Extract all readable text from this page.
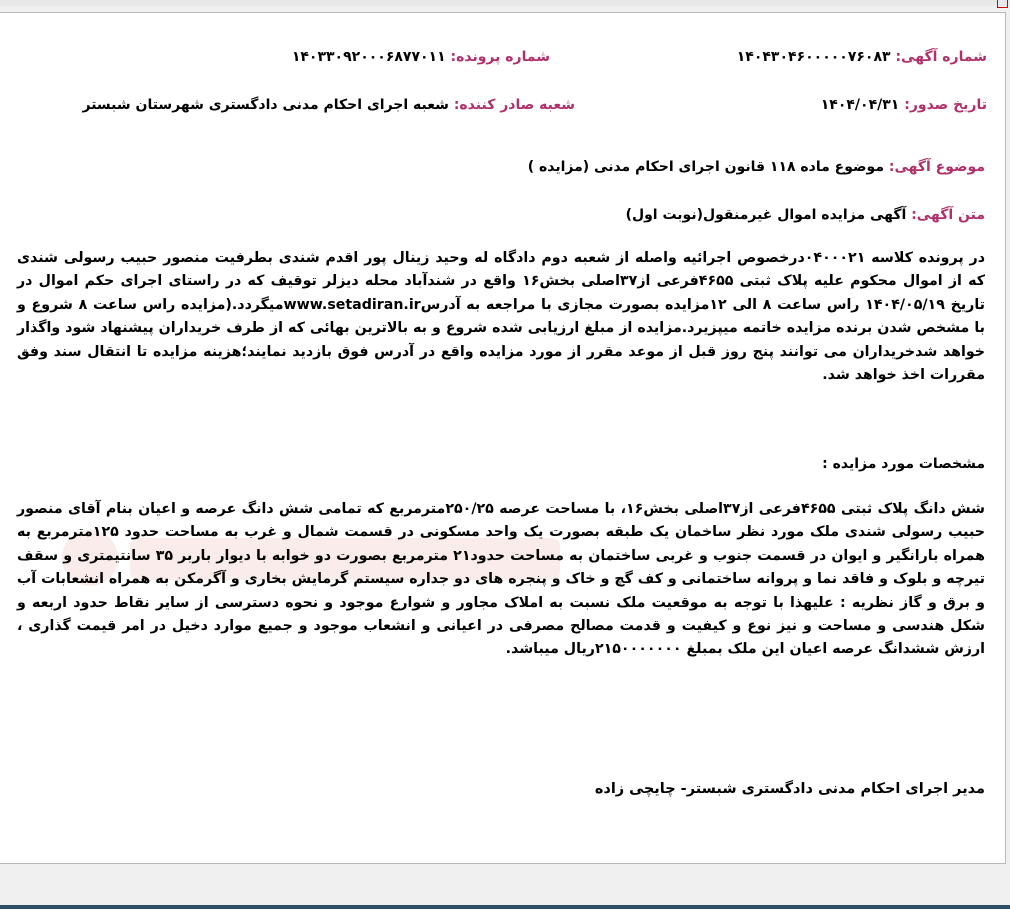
شماره آگهی: ۱۴۰۴۳۰۴۶۰۰۰۰۰۷۶۰۸۳
شماره پرونده: ۱۴۰۳۳۰۹۲۰۰۰۶۸۷۷۰۱۱
تاریخ صدور: ۱۴۰۴/۰۴/۳۱
شعبه صادر کننده: شعبه اجرای احکام مدنی دادگستری شهرستان شبستر
موضوع آگهی: موضوع ماده ۱۱۸ قانون اجرای احکام مدنی (مزایده )
متن آگهی: آگهی مزایده اموال غیرمنقول(نوبت اول)
در پرونده کلاسه ۰۴۰۰۰۲۱درخصوص اجرائیه واصله از شعبه دوم دادگاه له وحید زینال پور اقدم شندی بطرفیت منصور حبیب رسولی شندی که از اموال محکوم علیه پلاک ثبتی ۴۶۵۵فرعی از۳۷اصلی بخش۱۶ واقع در شندآباد محله دیزلر توقیف که در راستای اجرای حکم اموال در تاریخ ۱۴۰۴/۰۵/۱۹ راس ساعت ۸ الی ۱۲مزایده بصورت مجازی با مراجعه به آدرسwww.setadiran.irمیگردد.(مزایده راس ساعت ۸ شروع و با مشخص شدن برنده مزایده خاتمه میپزیرد.مزایده از مبلغ ارزیابی شده شروع و به بالاترین بهائی که از طرف خریداران پیشنهاد شود واگذار خواهد شدخریداران می توانند پنج روز قبل از موعد مقرر از مورد مزایده واقع در آدرس فوق بازدید نمایند؛هزینه مزایده تا انتقال سند وفق مقررات اخذ خواهد شد.
مشخصات مورد مزایده :
شش دانگ پلاک ثبتی ۴۶۵۵فرعی از۳۷اصلی بخش۱۶، با مساحت عرصه ۲۵۰/۲۵مترمربع که تمامی شش دانگ عرصه و اعیان بنام آقای منصور حبیب رسولی شندی ملک مورد نظر ساخمان یک طبقه بصورت یک واحد مسکونی در قسمت شمال و غرب به مساحت حدود ۱۲۵مترمربع به همراه بارانگیر و ایوان در قسمت جنوب و غربی ساختمان به مساحت حدود۲۱ مترمربع بصورت دو خوابه با دیوار باربر ۳۵ سانتیمتری و سقف تیرچه و بلوک و فاقد نما و پروانه ساختمانی و کف گچ و خاک و پنجره های دو جداره سیستم گرمایش بخاری و آگرمکن به همراه انشعابات آب و برق و گاز نظریه : علیهذا با توجه به موقعیت ملک نسبت به املاک مجاور و شوارع موجود و نحوه دسترسی از سایر نقاط حدود اربعه و شکل هندسی و مساحت و نیز نوع و کیفیت و قدمت مصالح مصرفی در اعیانی و انشعاب موجود و جمیع موارد دخیل در امر قیمت گذاری ، ارزش ششدانگ عرصه اعیان این ملک بمبلغ ۲۱۵۰۰۰۰۰۰۰ریال میباشد.
مدیر اجرای احکام مدنی دادگستری شبستر- چایچی زاده
